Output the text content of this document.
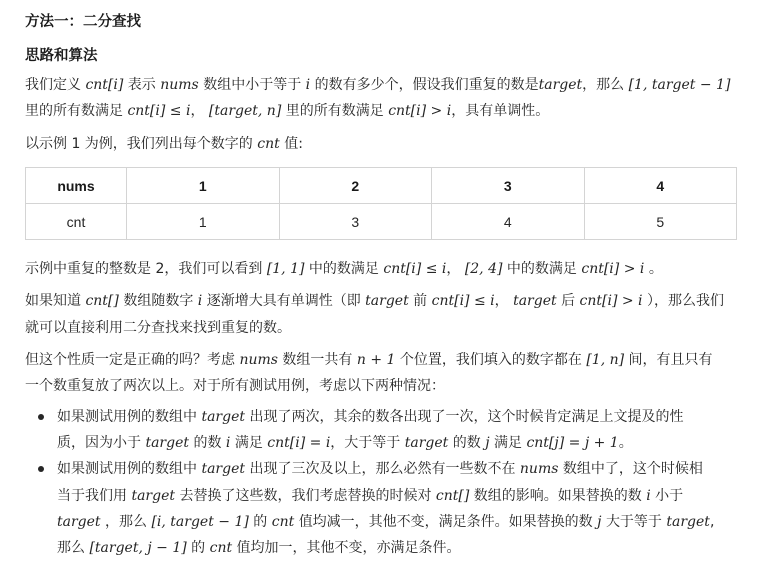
方法一：二分查找
思路和算法
我们定义 cnt[i] 表示 nums 数组中小于等于 i 的数有多少个，假设我们重复的数是target，那么 [1, target − 1]
里的所有数满足 cnt[i] ≤ i， [target, n] 里的所有数满足 cnt[i] > i，具有单调性。
以示例 1 为例，我们列出每个数字的 cnt 值:
nums	1	2	3	4
cnt	1	3	4	5
示例中重复的整数是 2，我们可以看到 [1, 1] 中的数满足 cnt[i] ≤ i， [2, 4] 中的数满足 cnt[i] > i 。
如果知道 cnt[] 数组随数字 i 逐渐增大具有单调性（即 target 前 cnt[i] ≤ i， target 后 cnt[i] > i ），那么我们
就可以直接利用二分查找来找到重复的数。
但这个性质一定是正确的吗？考虑 nums 数组一共有 n + 1 个位置，我们填入的数字都在 [1, n] 间，有且只有
一个数重复放了两次以上。对于所有测试用例，考虑以下两种情况：
如果测试用例的数组中 target 出现了两次，其余的数各出现了一次，这个时候肯定满足上文提及的性
质，因为小于 target 的数 i 满足 cnt[i] = i，大于等于 target 的数 j 满足 cnt[j] = j + 1。
如果测试用例的数组中 target 出现了三次及以上，那么必然有一些数不在 nums 数组中了，这个时候相
当于我们用 target 去替换了这些数，我们考虑替换的时候对 cnt[] 数组的影响。如果替换的数 i 小于
target ，那么 [i, target − 1] 的 cnt 值均减一，其他不变，满足条件。如果替换的数 j 大于等于 target,
那么 [target, j − 1] 的 cnt 值均加一，其他不变，亦满足条件。
